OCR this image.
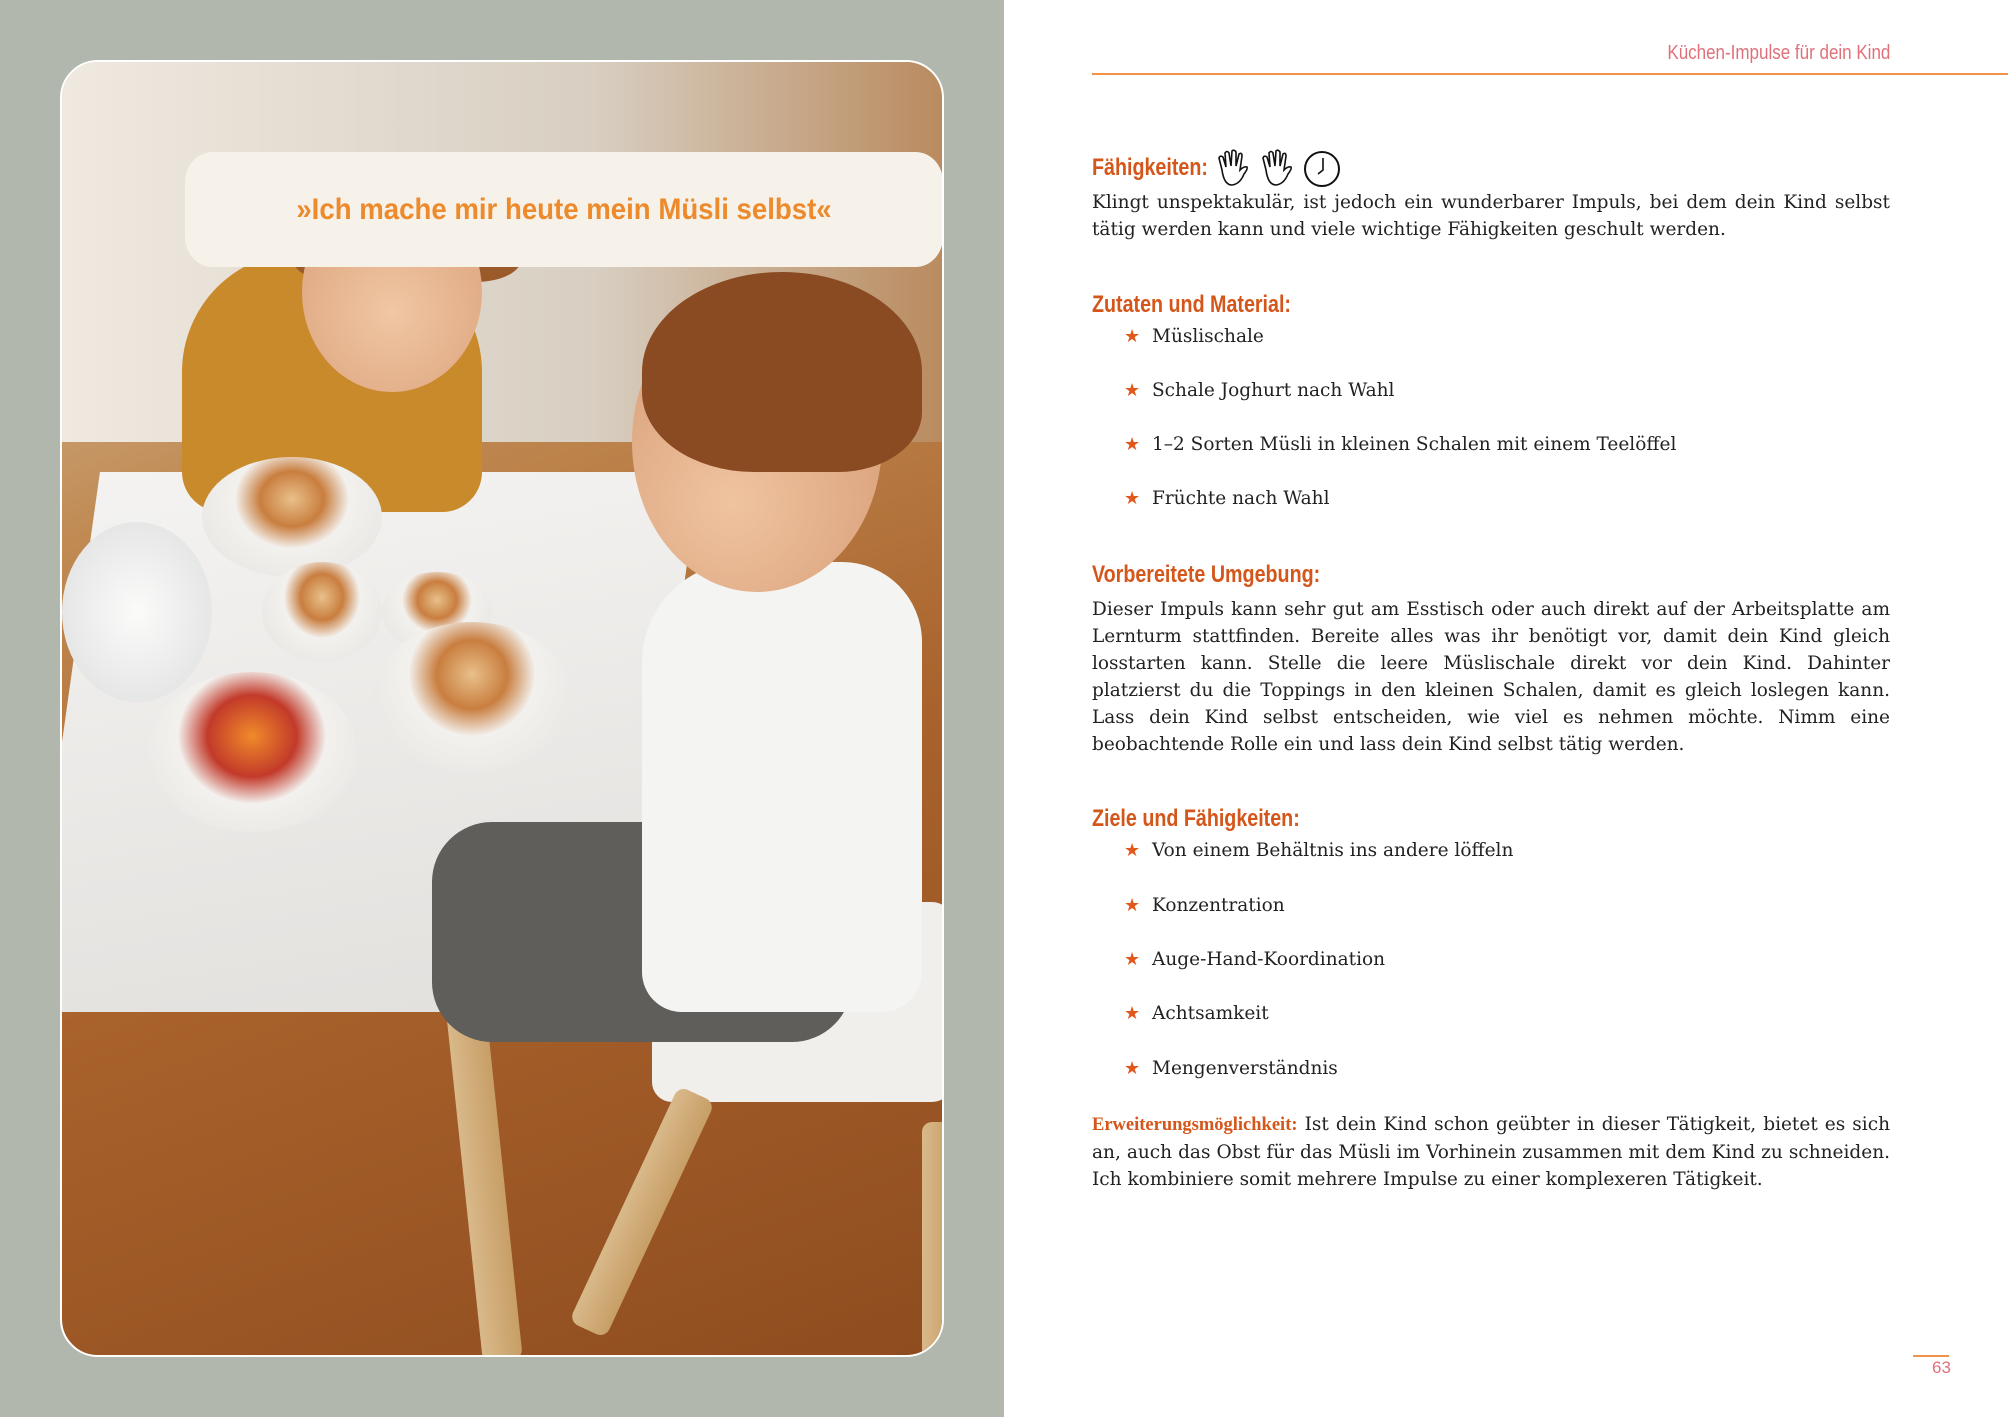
»Ich mache mir heute mein Müsli selbst«
Küchen-Impulse für dein Kind
Fähigkeiten:
Klingt unspektakulär, ist jedoch ein wunderbarer Impuls, bei dem dein Kind selbst tätig werden kann und viele wichtige Fähigkeiten geschult werden.
Zutaten und Material:
★ Müslischale
★ Schale Joghurt nach Wahl
★ 1–2 Sorten Müsli in kleinen Schalen mit einem Teelöffel
★ Früchte nach Wahl
Vorbereitete Umgebung:
Dieser Impuls kann sehr gut am Esstisch oder auch direkt auf der Arbeitsplatte am Lernturm stattfinden. Bereite alles was ihr benötigt vor, damit dein Kind gleich losstarten kann. Stelle die leere Müslischale direkt vor dein Kind. Dahinter platzierst du die Toppings in den kleinen Schalen, damit es gleich loslegen kann. Lass dein Kind selbst entscheiden, wie viel es nehmen möchte. Nimm eine beobachtende Rolle ein und lass dein Kind selbst tätig werden.
Ziele und Fähigkeiten:
★ Von einem Behältnis ins andere löffeln
★ Konzentration
★ Auge-Hand-Koordination
★ Achtsamkeit
★ Mengenverständnis
Erweiterungsmöglichkeit: Ist dein Kind schon geübter in dieser Tätigkeit, bietet es sich an, auch das Obst für das Müsli im Vorhinein zusammen mit dem Kind zu schneiden. Ich kombiniere somit mehrere Impulse zu einer komplexeren Tätigkeit.
63
